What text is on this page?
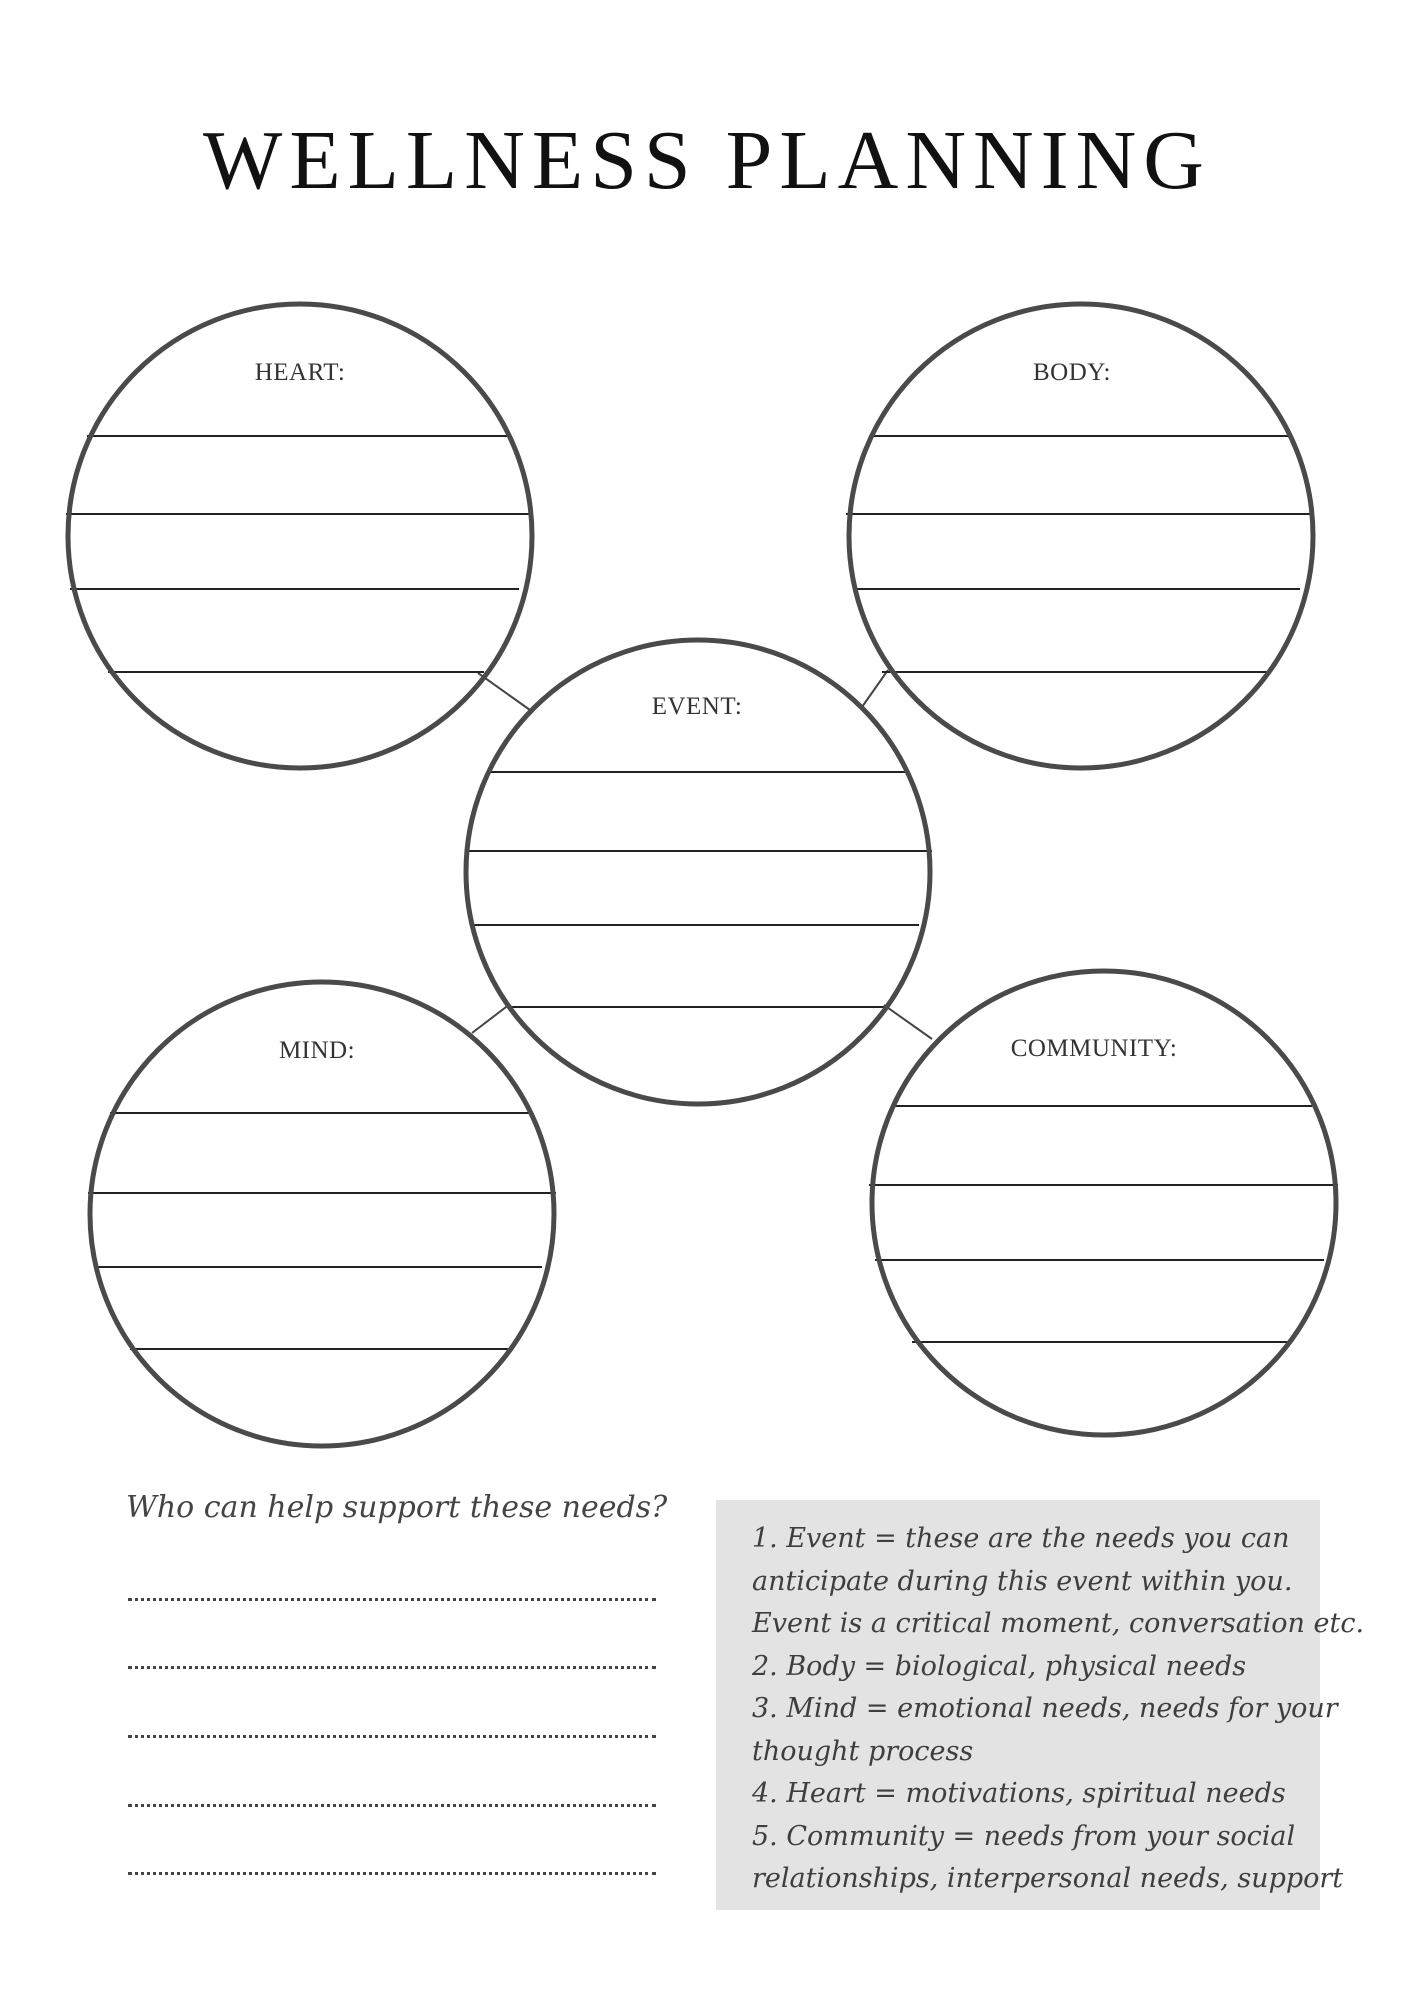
WELLNESS PLANNING
HEART:	BODY:
EVENT:
MIND:	COMMUNITY:
Who can help support these needs?
1. Event = these are the needs you can
anticipate during this event within you.
Event is a critical moment, conversation etc.
2. Body = biological, physical needs
3. Mind = emotional needs, needs for your
thought process
4. Heart = motivations, spiritual needs
5. Community = needs from your social
relationships, interpersonal needs, support
